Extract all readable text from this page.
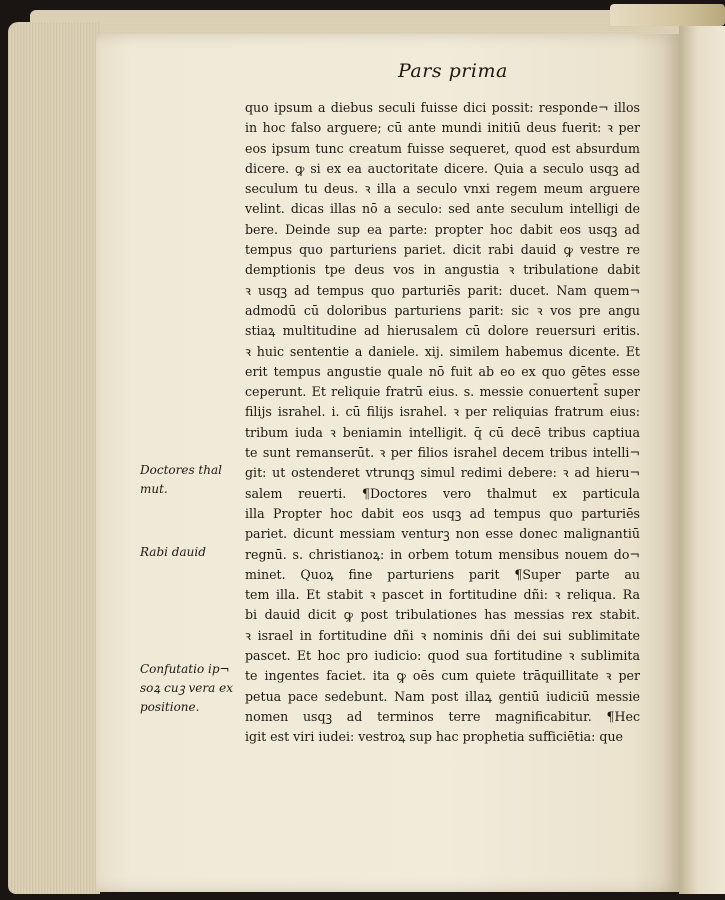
Pars prima
quo ipsum a diebus seculi fuisse dici possit: responde¬ illos
in hoc falso arguere; cū ante mundi initiū deus fuerit: ꝛ per
eos ipsum tunc creatum fuisse sequeret, quod est absurdum
dicere. ꝙ si ex ea auctoritate dicere. Quia a seculo usqꝫ ad
seculum tu deus. ꝛ illa a seculo vnxi regem meum arguere
velint. dicas illas nō a seculo: sed ante seculum intelligi de
bere. Deinde sup ea parte: propter hoc dabit eos usqꝫ ad
tempus quo parturiens pariet. dicit rabi dauid ꝙ vestre re
demptionis tpe deus vos in angustia ꝛ tribulatione dabit
ꝛ usqꝫ ad tempus quo parturiēs parit: ducet. Nam quem¬
admodū cū doloribus parturiens parit: sic ꝛ vos pre angu
stiaꝝ multitudine ad hierusalem cū dolore reuersuri eritis.
ꝛ huic sententie a daniele. xij. similem habemus dicente. Et
erit tempus angustie quale nō fuit ab eo ex quo gētes esse
ceperunt. Et reliquie fratrū eius. s. messie conuertent̄ super
filijs israhel. i. cū filijs israhel. ꝛ per reliquias fratrum eius:
tribum iuda ꝛ beniamin intelligit. q̄ cū decē tribus captiua
te sunt remanserūt. ꝛ per filios israhel decem tribus intelli¬
git: ut ostenderet vtrunqꝫ simul redimi debere: ꝛ ad hieru¬
salem reuerti. ¶Doctores vero thalmut ex particula
illa Propter hoc dabit eos usqꝫ ad tempus quo parturiēs
pariet. dicunt messiam venturꝫ non esse donec malignantiū
regnū. s. christianoꝝ: in orbem totum mensibus nouem do¬
minet. Quoꝝ fine parturiens parit ¶Super parte au
tem illa. Et stabit ꝛ pascet in fortitudine dñi: ꝛ reliqua. Ra
bi dauid dicit ꝙ post tribulationes has messias rex stabit.
ꝛ israel in fortitudine dñi ꝛ nominis dñi dei sui sublimitate
pascet. Et hoc pro iudicio: quod sua fortitudine ꝛ sublimita
te ingentes faciet. ita ꝙ oēs cum quiete trāquillitate ꝛ per
petua pace sedebunt. Nam post illaꝝ gentiū iudiciū messie
nomen usqꝫ ad terminos terre magnificabitur. ¶Hec
igit est viri iudei: vestroꝝ sup hac prophetia sufficiētia: que
Doctores thal
mut.
Rabi dauid
Confutatio ip¬
soꝝ cuꝫ vera ex
positione.
